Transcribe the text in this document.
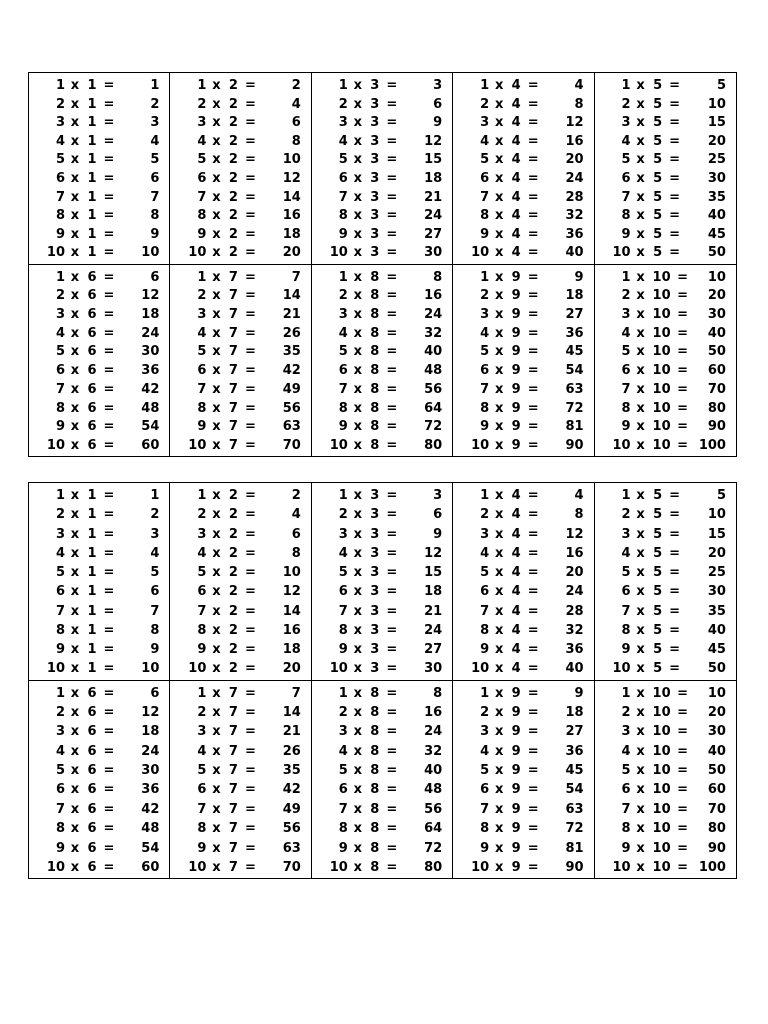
1 x 1 =	1
2 x 1 =	2
3 x 1 =	3
4 x 1 =	4
5 x 1 =	5
6 x 1 =	6
7 x 1 =	7
8 x 1 =	8
9 x 1 =	9
10 x 1 =	10
1 x 2 =	2
2 x 2 =	4
3 x 2 =	6
4 x 2 =	8
5 x 2 =	10
6 x 2 =	12
7 x 2 =	14
8 x 2 =	16
9 x 2 =	18
10 x 2 =	20
1 x 3 =	3
2 x 3 =	6
3 x 3 =	9
4 x 3 =	12
5 x 3 =	15
6 x 3 =	18
7 x 3 =	21
8 x 3 =	24
9 x 3 =	27
10 x 3 =	30
1 x 4 =	4
2 x 4 =	8
3 x 4 =	12
4 x 4 =	16
5 x 4 =	20
6 x 4 =	24
7 x 4 =	28
8 x 4 =	32
9 x 4 =	36
10 x 4 =	40
1 x 5 =	5
2 x 5 =	10
3 x 5 =	15
4 x 5 =	20
5 x 5 =	25
6 x 5 =	30
7 x 5 =	35
8 x 5 =	40
9 x 5 =	45
10 x 5 =	50
1 x 6 =	6
2 x 6 =	12
3 x 6 =	18
4 x 6 =	24
5 x 6 =	30
6 x 6 =	36
7 x 6 =	42
8 x 6 =	48
9 x 6 =	54
10 x 6 =	60
1 x 7 =	7
2 x 7 =	14
3 x 7 =	21
4 x 7 =	26
5 x 7 =	35
6 x 7 =	42
7 x 7 =	49
8 x 7 =	56
9 x 7 =	63
10 x 7 =	70
1 x 8 =	8
2 x 8 =	16
3 x 8 =	24
4 x 8 =	32
5 x 8 =	40
6 x 8 =	48
7 x 8 =	56
8 x 8 =	64
9 x 8 =	72
10 x 8 =	80
1 x 9 =	9
2 x 9 =	18
3 x 9 =	27
4 x 9 =	36
5 x 9 =	45
6 x 9 =	54
7 x 9 =	63
8 x 9 =	72
9 x 9 =	81
10 x 9 =	90
1 x 10 =	10
2 x 10 =	20
3 x 10 =	30
4 x 10 =	40
5 x 10 =	50
6 x 10 =	60
7 x 10 =	70
8 x 10 =	80
9 x 10 =	90
10 x 10 = 100
1 x 1 =	1
2 x 1 =	2
3 x 1 =	3
4 x 1 =	4
5 x 1 =	5
6 x 1 =	6
7 x 1 =	7
8 x 1 =	8
9 x 1 =	9
10 x 1 =	10
1 x 2 =	2
2 x 2 =	4
3 x 2 =	6
4 x 2 =	8
5 x 2 =	10
6 x 2 =	12
7 x 2 =	14
8 x 2 =	16
9 x 2 =	18
10 x 2 =	20
1 x 3 =	3
2 x 3 =	6
3 x 3 =	9
4 x 3 =	12
5 x 3 =	15
6 x 3 =	18
7 x 3 =	21
8 x 3 =	24
9 x 3 =	27
10 x 3 =	30
1 x 4 =	4
2 x 4 =	8
3 x 4 =	12
4 x 4 =	16
5 x 4 =	20
6 x 4 =	24
7 x 4 =	28
8 x 4 =	32
9 x 4 =	36
10 x 4 =	40
1 x 5 =	5
2 x 5 =	10
3 x 5 =	15
4 x 5 =	20
5 x 5 =	25
6 x 5 =	30
7 x 5 =	35
8 x 5 =	40
9 x 5 =	45
10 x 5 =	50
1 x 6 =	6
2 x 6 =	12
3 x 6 =	18
4 x 6 =	24
5 x 6 =	30
6 x 6 =	36
7 x 6 =	42
8 x 6 =	48
9 x 6 =	54
10 x 6 =	60
1 x 7 =	7
2 x 7 =	14
3 x 7 =	21
4 x 7 =	26
5 x 7 =	35
6 x 7 =	42
7 x 7 =	49
8 x 7 =	56
9 x 7 =	63
10 x 7 =	70
1 x 8 =	8
2 x 8 =	16
3 x 8 =	24
4 x 8 =	32
5 x 8 =	40
6 x 8 =	48
7 x 8 =	56
8 x 8 =	64
9 x 8 =	72
10 x 8 =	80
1 x 9 =	9
2 x 9 =	18
3 x 9 =	27
4 x 9 =	36
5 x 9 =	45
6 x 9 =	54
7 x 9 =	63
8 x 9 =	72
9 x 9 =	81
10 x 9 =	90
1 x 10 =	10
2 x 10 =	20
3 x 10 =	30
4 x 10 =	40
5 x 10 =	50
6 x 10 =	60
7 x 10 =	70
8 x 10 =	80
9 x 10 =	90
10 x 10 = 100
